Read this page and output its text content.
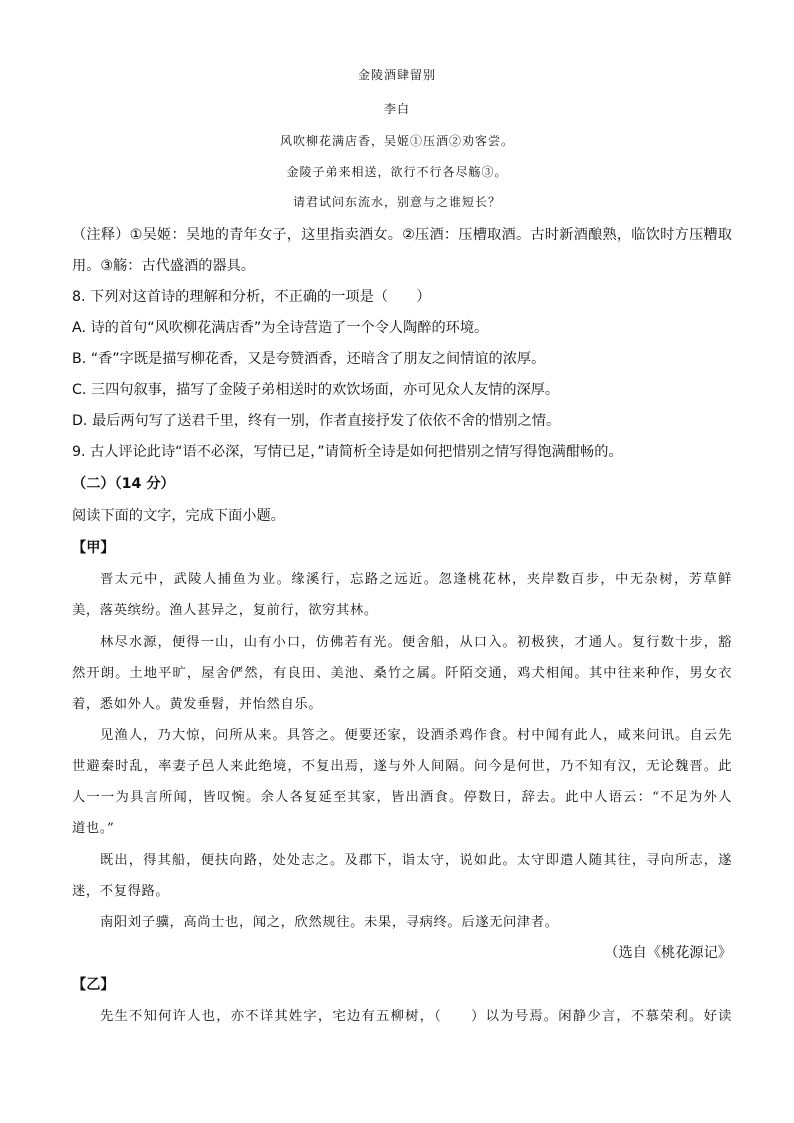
金陵酒肆留别
李白
风吹柳花满店香，吴姬①压酒②劝客尝。
金陵子弟来相送，欲行不行各尽觞③。
请君试问东流水，别意与之谁短长？
（注释）①吴姬：吴地的青年女子，这里指卖酒女。②压酒：压槽取酒。古时新酒酿熟，临饮时方压糟取
用。③觞：古代盛酒的器具。
8. 下列对这首诗的理解和分析，不正确的一项是（　　）
A. 诗的首句“风吹柳花满店香”为全诗营造了一个令人陶醉的环境。
B. “香”字既是描写柳花香，又是夸赞酒香，还暗含了朋友之间情谊的浓厚。
C. 三四句叙事，描写了金陵子弟相送时的欢饮场面，亦可见众人友情的深厚。
D. 最后两句写了送君千里，终有一别，作者直接抒发了依依不舍的惜别之情。
9. 古人评论此诗“语不必深，写情已足，”请简析全诗是如何把惜别之情写得饱满酣畅的。
（二）（14 分）
阅读下面的文字，完成下面小题。
【甲】
晋太元中，武陵人捕鱼为业。缘溪行，忘路之远近。忽逢桃花林，夹岸数百步，中无杂树，芳草鲜
美，落英缤纷。渔人甚异之，复前行，欲穷其林。
林尽水源，便得一山，山有小口，仿佛若有光。便舍船，从口入。初极狭，才通人。复行数十步，豁
然开朗。土地平旷，屋舍俨然，有良田、美池、桑竹之属。阡陌交通，鸡犬相闻。其中往来种作，男女衣
着，悉如外人。黄发垂髫，并怡然自乐。
见渔人，乃大惊，问所从来。具答之。便要还家，设酒杀鸡作食。村中闻有此人，咸来问讯。自云先
世避秦时乱，率妻子邑人来此绝境，不复出焉，遂与外人间隔。问今是何世，乃不知有汉，无论魏晋。此
人一一为具言所闻，皆叹惋。余人各复延至其家，皆出酒食。停数日，辞去。此中人语云：“不足为外人
道也。”
既出，得其船，便扶向路，处处志之。及郡下，诣太守，说如此。太守即遣人随其往，寻向所志，遂
迷，不复得路。
南阳刘子骥，高尚士也，闻之，欣然规往。未果，寻病终。后遂无问津者。
（选自《桃花源记》
【乙】
先生不知何许人也，亦不详其姓字，宅边有五柳树，（　　）以为号焉。闲静少言，不慕荣利。好读
